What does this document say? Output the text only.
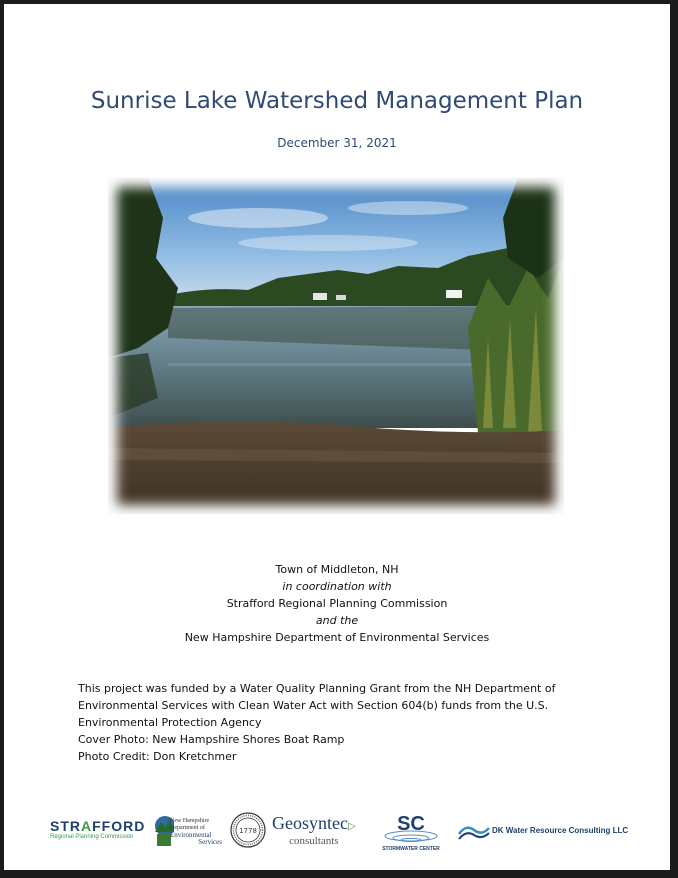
Sunrise Lake Watershed Management Plan
December 31, 2021
Town of Middleton, NH
in coordination with
Strafford Regional Planning Commission
and the
New Hampshire Department of Environmental Services
This project was funded by a Water Quality Planning Grant from the NH Department of Environmental Services with Clean Water Act with Section 604(b) funds from the U.S. Environmental Protection Agency
Cover Photo: New Hampshire Shores Boat Ramp
Photo Credit: Don Kretchmer
STRAFFORD
Regional Planning Commission
New Hampshire Department of
Environmental
Services
1778 Geosyntec▷
consultants
SC
STORMWATER CENTER
DK Water Resource Consulting LLC
